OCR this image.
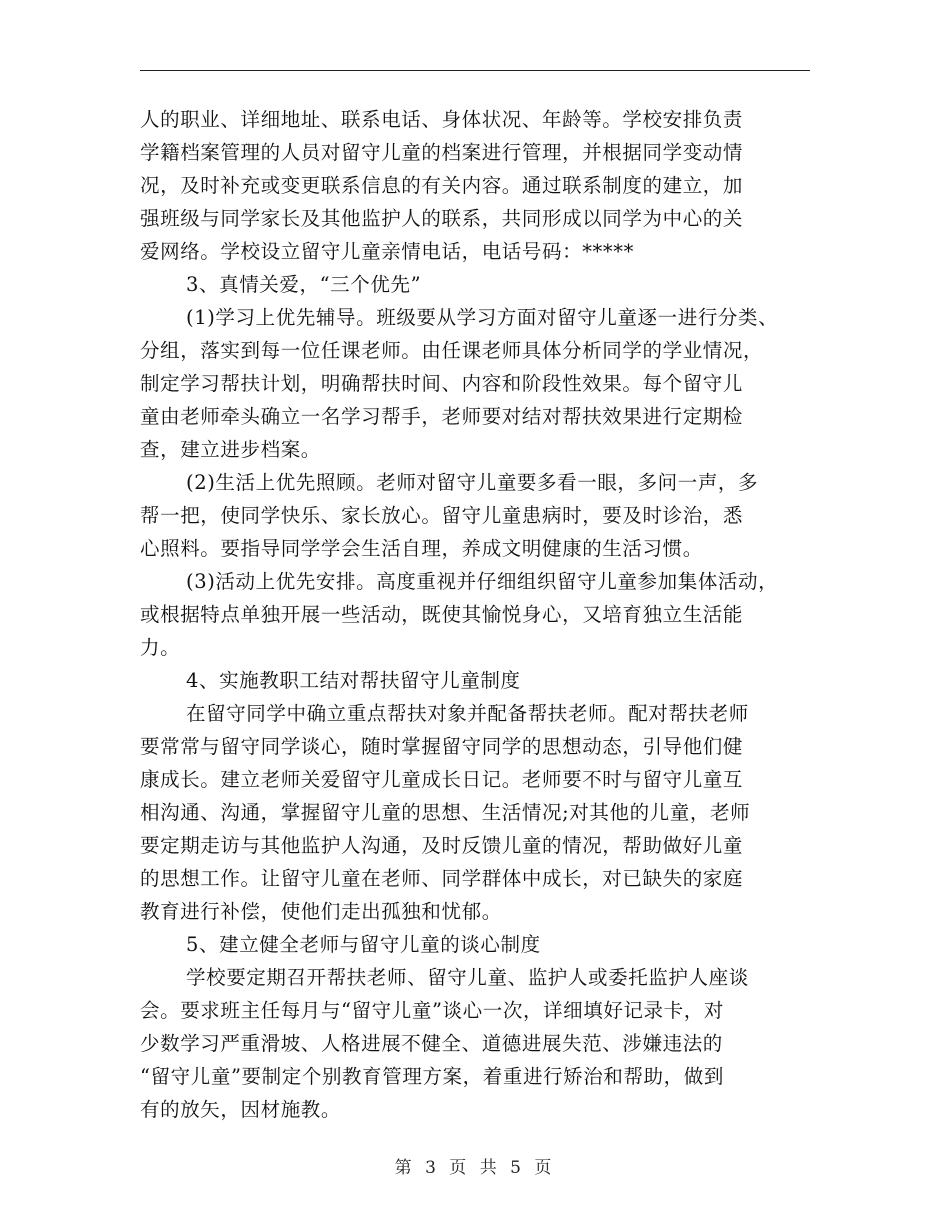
人的职业、详细地址、联系电话、身体状况、年龄等。学校安排负责
学籍档案管理的人员对留守儿童的档案进行管理，并根据同学变动情
况，及时补充或变更联系信息的有关内容。通过联系制度的建立，加
强班级与同学家长及其他监护人的联系，共同形成以同学为中心的关
爱网络。学校设立留守儿童亲情电话，电话号码：*****
3、真情关爱，“三个优先”
(1)学习上优先辅导。班级要从学习方面对留守儿童逐一进行分类、
分组，落实到每一位任课老师。由任课老师具体分析同学的学业情况，
制定学习帮扶计划，明确帮扶时间、内容和阶段性效果。每个留守儿
童由老师牵头确立一名学习帮手，老师要对结对帮扶效果进行定期检
查，建立进步档案。
(2)生活上优先照顾。老师对留守儿童要多看一眼，多问一声，多
帮一把，使同学快乐、家长放心。留守儿童患病时，要及时诊治，悉
心照料。要指导同学学会生活自理，养成文明健康的生活习惯。
(3)活动上优先安排。高度重视并仔细组织留守儿童参加集体活动，
或根据特点单独开展一些活动，既使其愉悦身心，又培育独立生活能
力。
4、实施教职工结对帮扶留守儿童制度
在留守同学中确立重点帮扶对象并配备帮扶老师。配对帮扶老师
要常常与留守同学谈心，随时掌握留守同学的思想动态，引导他们健
康成长。建立老师关爱留守儿童成长日记。老师要不时与留守儿童互
相沟通、沟通，掌握留守儿童的思想、生活情况;对其他的儿童，老师
要定期走访与其他监护人沟通，及时反馈儿童的情况，帮助做好儿童
的思想工作。让留守儿童在老师、同学群体中成长，对已缺失的家庭
教育进行补偿，使他们走出孤独和忧郁。
5、建立健全老师与留守儿童的谈心制度
学校要定期召开帮扶老师、留守儿童、监护人或委托监护人座谈
会。要求班主任每月与“留守儿童”谈心一次，详细填好记录卡，对
少数学习严重滑坡、人格进展不健全、道德进展失范、涉嫌违法的
“留守儿童”要制定个别教育管理方案，着重进行矫治和帮助，做到
有的放矢，因材施教。
第 3 页 共 5 页
